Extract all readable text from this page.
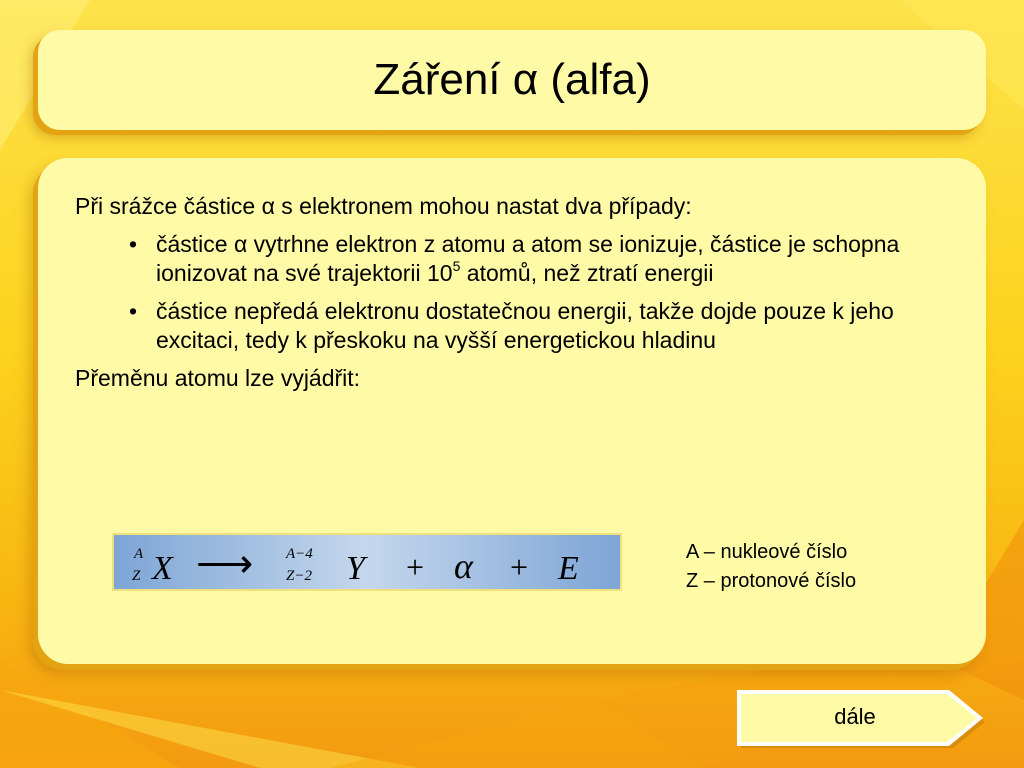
Záření α (alfa)

Při srážce částice α s elektronem mohou nastat dva případy:

• částice α vytrhne elektron z atomu a atom se ionizuje, částice je schopna ionizovat na své trajektorii $10^5$ atomů, než ztratí energii
• částice nepředá elektronu dostatečnou energii, takže dojde pouze k jeho excitaci, tedy k přeskoku na vyšší energetickou hladinu

Přeměnu atomu lze vyjádřit:

A
Z X ⟶ A−4
Z−2 Y + α + E	A – nukleové číslo
Z – protonové číslo
dále
